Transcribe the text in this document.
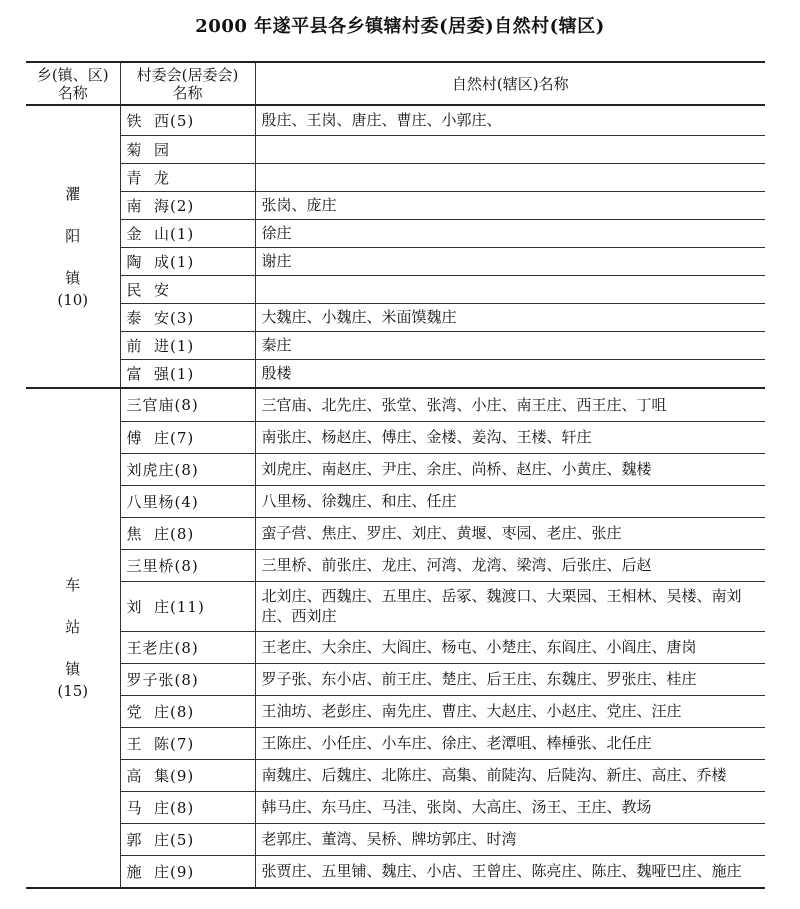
2000 年遂平县各乡镇辖村委(居委)自然村(辖区)
乡(镇、区)
名称	村委会(居委会)
名称	自然村(辖区)名称

灈
阳
镇
(10)	铁  西(5)	殷庄、王岗、唐庄、曹庄、小郭庄、
	菊  园	
	青  龙	
	南  海(2)	张岗、庞庄
	金  山(1)	徐庄
	陶  成(1)	谢庄
	民  安	
	泰  安(3)	大魏庄、小魏庄、米面馍魏庄
	前  进(1)	秦庄
	富  强(1)	殷楼

车
站
镇
(15)	三官庙(8)	三官庙、北先庄、张堂、张湾、小庄、南王庄、西王庄、丁咀
	傅  庄(7)	南张庄、杨赵庄、傅庄、金楼、姜沟、王楼、轩庄
	刘虎庄(8)	刘虎庄、南赵庄、尹庄、余庄、尚桥、赵庄、小黄庄、魏楼
	八里杨(4)	八里杨、徐魏庄、和庄、任庄
	焦  庄(8)	蛮子营、焦庄、罗庄、刘庄、黄堰、枣园、老庄、张庄
	三里桥(8)	三里桥、前张庄、龙庄、河湾、龙湾、梁湾、后张庄、后赵
	刘  庄(11)	北刘庄、西魏庄、五里庄、岳冢、魏渡口、大栗园、王相林、吴楼、南刘庄、西刘庄
	王老庄(8)	王老庄、大余庄、大阎庄、杨屯、小楚庄、东阎庄、小阎庄、唐岗
	罗子张(8)	罗子张、东小店、前王庄、楚庄、后王庄、东魏庄、罗张庄、桂庄
	党  庄(8)	王油坊、老彭庄、南先庄、曹庄、大赵庄、小赵庄、党庄、汪庄
	王  陈(7)	王陈庄、小任庄、小车庄、徐庄、老潭咀、棒棰张、北任庄
	高  集(9)	南魏庄、后魏庄、北陈庄、高集、前陡沟、后陡沟、新庄、高庄、乔楼
	马  庄(8)	韩马庄、东马庄、马洼、张岗、大高庄、汤王、王庄、教场
	郭  庄(5)	老郭庄、董湾、吴桥、牌坊郭庄、时湾
	施  庄(9)	张贾庄、五里铺、魏庄、小店、王曾庄、陈亮庄、陈庄、魏哑巴庄、施庄
